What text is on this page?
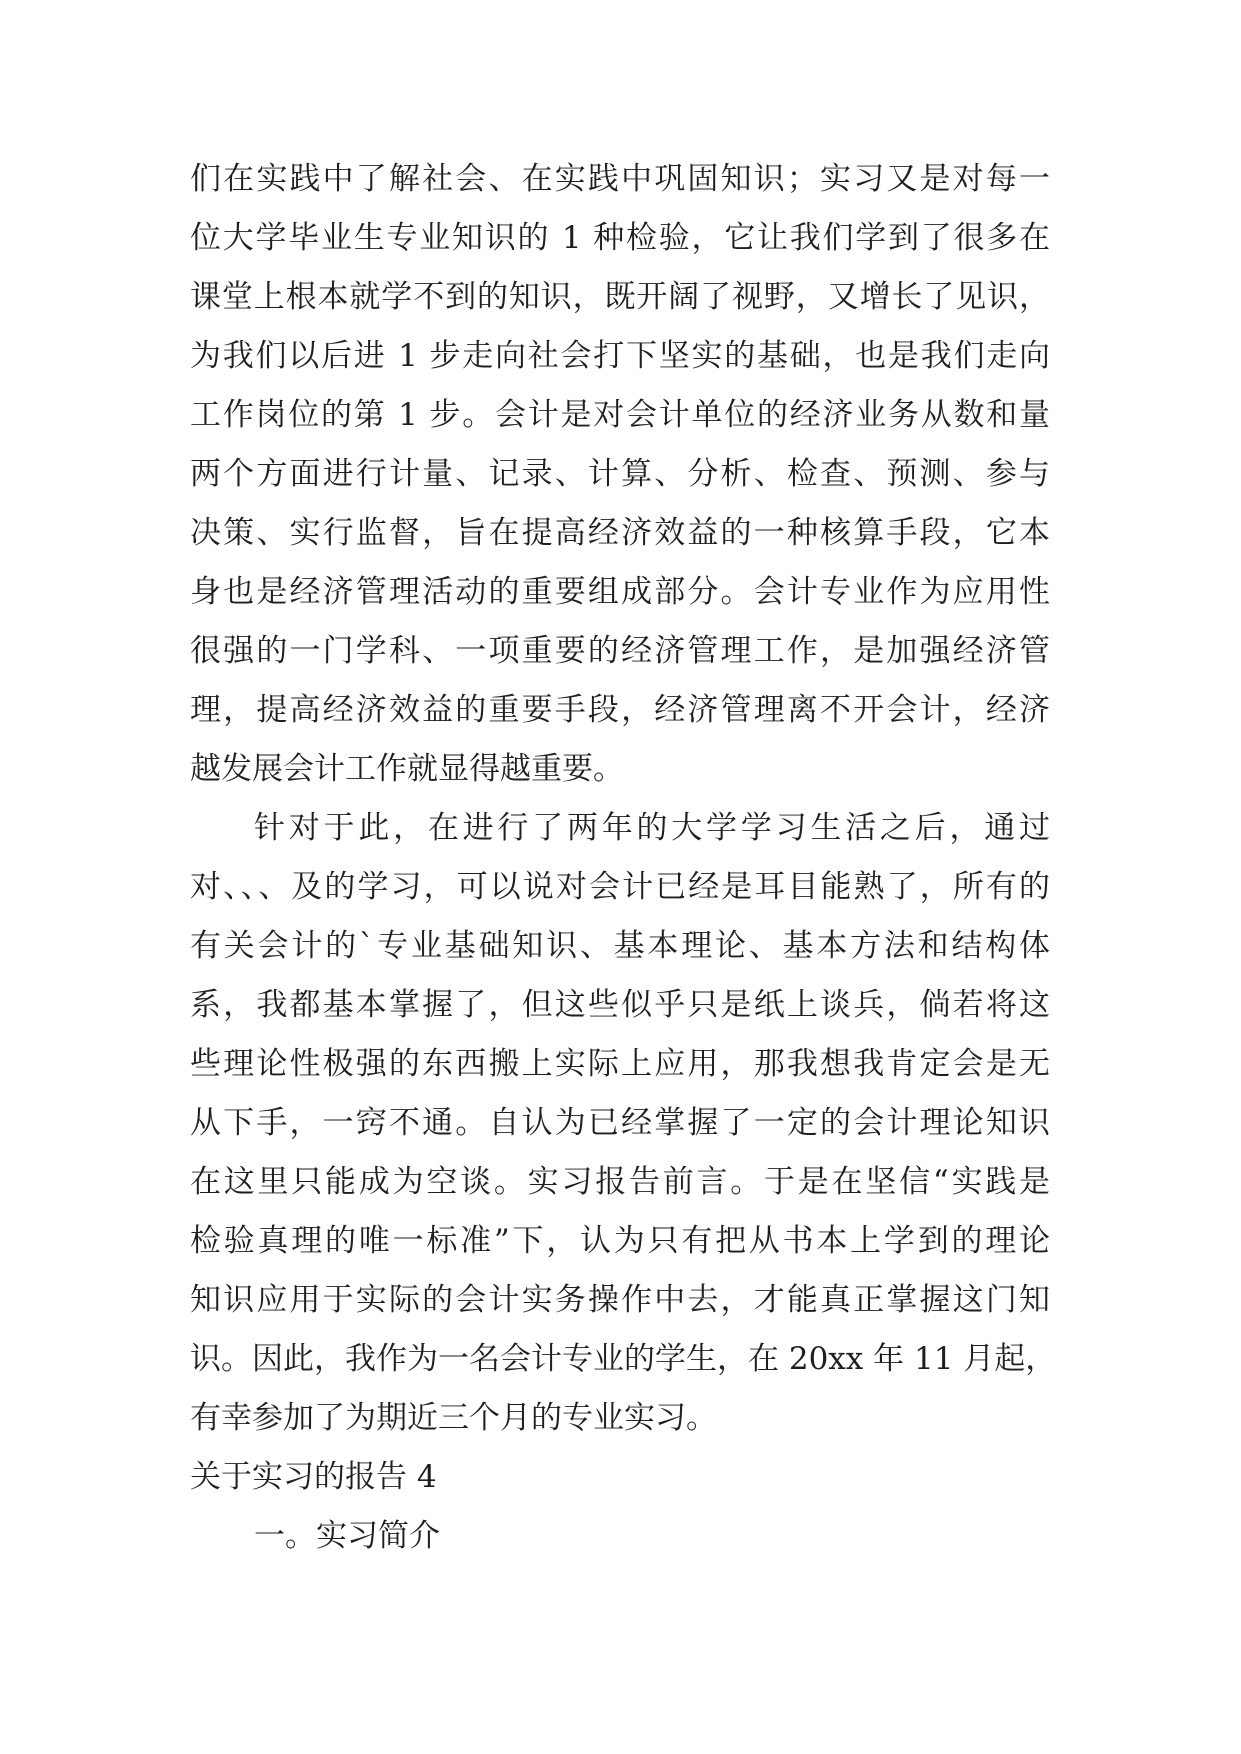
们在实践中了解社会、在实践中巩固知识；实习又是对每一
位大学毕业生专业知识的 1 种检验，它让我们学到了很多在
课堂上根本就学不到的知识，既开阔了视野，又增长了见识，
为我们以后进 1 步走向社会打下坚实的基础，也是我们走向
工作岗位的第 1 步。会计是对会计单位的经济业务从数和量
两个方面进行计量、记录、计算、分析、检查、预测、参与
决策、实行监督，旨在提高经济效益的一种核算手段，它本
身也是经济管理活动的重要组成部分。会计专业作为应用性
很强的一门学科、一项重要的经济管理工作，是加强经济管
理，提高经济效益的重要手段，经济管理离不开会计，经济
越发展会计工作就显得越重要。
针对于此，在进行了两年的大学学习生活之后，通过
对、、、及的学习，可以说对会计已经是耳目能熟了，所有的
有关会计的`专业基础知识、基本理论、基本方法和结构体
系，我都基本掌握了，但这些似乎只是纸上谈兵，倘若将这
些理论性极强的东西搬上实际上应用，那我想我肯定会是无
从下手，一窍不通。自认为已经掌握了一定的会计理论知识
在这里只能成为空谈。实习报告前言。于是在坚信“实践是
检验真理的唯一标准”下，认为只有把从书本上学到的理论
知识应用于实际的会计实务操作中去，才能真正掌握这门知
识。因此，我作为一名会计专业的学生，在 20xx 年 11 月起，
有幸参加了为期近三个月的专业实习。
关于实习的报告 4
一。实习简介
